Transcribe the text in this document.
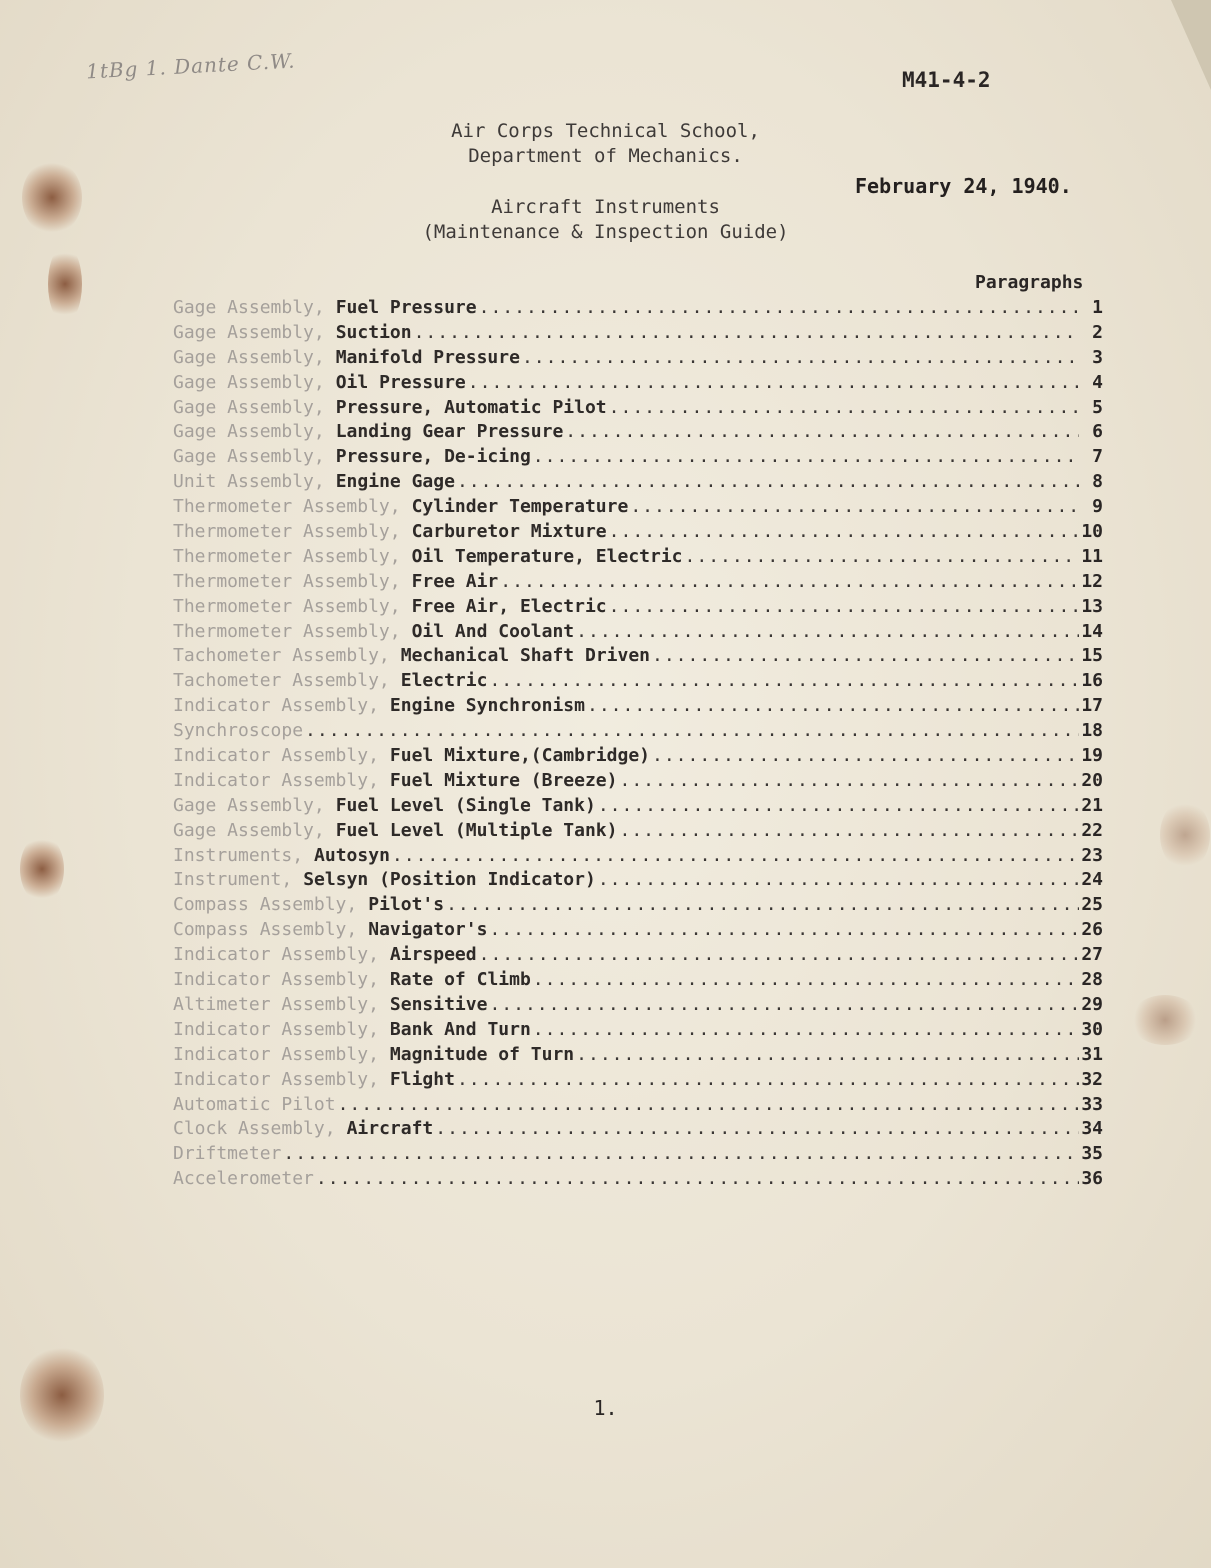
1tBg 1. Dante C.W.	M41-4-2
Air Corps Technical School,
Department of Mechanics.
February 24, 1940.
Aircraft Instruments
(Maintenance & Inspection Guide)
Paragraphs
Gage Assembly, Fuel Pressure .....	1
Gage Assembly, Suction .....	2
Gage Assembly, Manifold Pressure .....	3
Gage Assembly, Oil Pressure .....	4
Gage Assembly, Pressure, Automatic Pilot .....	5
Gage Assembly, Landing Gear Pressure .....	6
Gage Assembly, Pressure, De-icing .....	7
Unit Assembly, Engine Gage .....	8
Thermometer Assembly, Cylinder Temperature .....	9
Thermometer Assembly, Carburetor Mixture .....	10
Thermometer Assembly, Oil Temperature, Electric .....	11
Thermometer Assembly, Free Air .....	12
Thermometer Assembly, Free Air, Electric .....	13
Thermometer Assembly, Oil And Coolant .....	14
Tachometer Assembly, Mechanical Shaft Driven .....	15
Tachometer Assembly, Electric .....	16
Indicator Assembly, Engine Synchronism .....	17
Synchroscope .....	18
Indicator Assembly, Fuel Mixture,(Cambridge) .....	19
Indicator Assembly, Fuel Mixture (Breeze) .....	20
Gage Assembly, Fuel Level (Single Tank) .....	21
Gage Assembly, Fuel Level (Multiple Tank) .....	22
Instruments, Autosyn .....	23
Instrument, Selsyn (Position Indicator) .....	24
Compass Assembly, Pilot's .....	25
Compass Assembly, Navigator's .....	26
Indicator Assembly, Airspeed .....	27
Indicator Assembly, Rate of Climb .....	28
Altimeter Assembly, Sensitive .....	29
Indicator Assembly, Bank And Turn .....	30
Indicator Assembly, Magnitude of Turn .....	31
Indicator Assembly, Flight .....	32
Automatic Pilot .....	33
Clock Assembly, Aircraft .....	34
Driftmeter .....	35
Accelerometer .....	36
1.
